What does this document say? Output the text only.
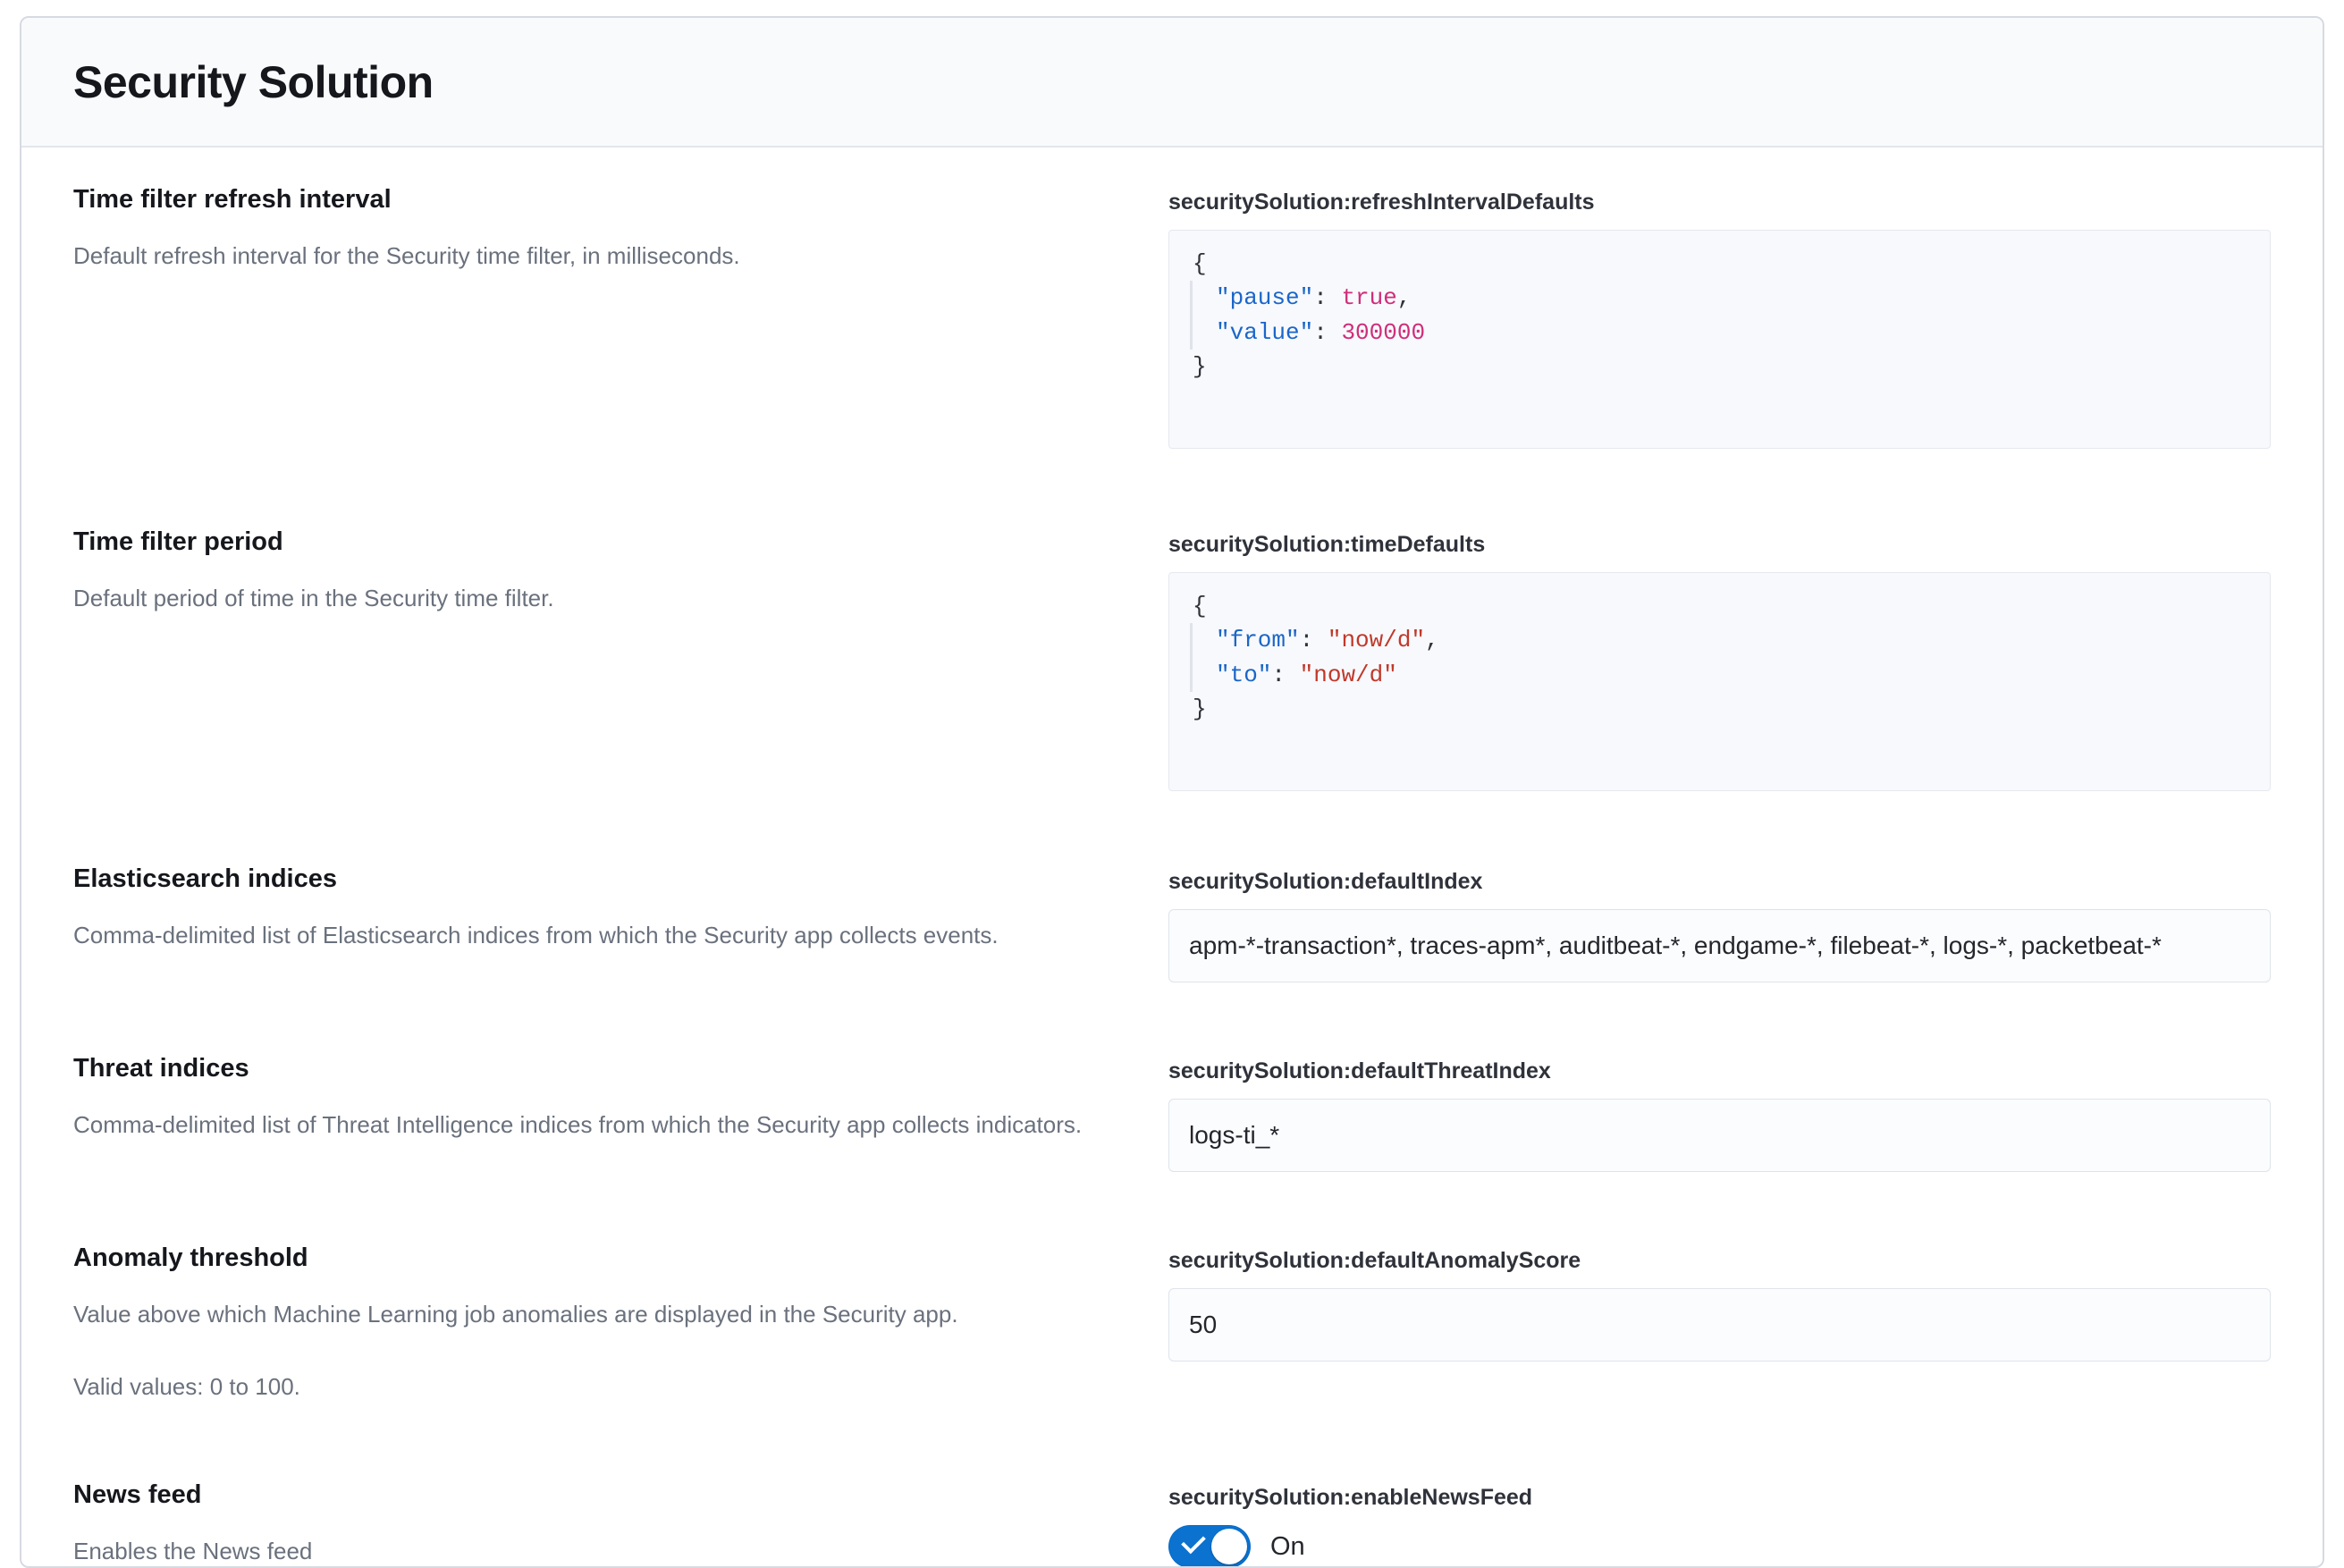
Security Solution
Time filter refresh interval

Default refresh interval for the Security time filter, in milliseconds.

securitySolution:refreshIntervalDefaults
{
"pause": true,
"value": 300000
}
Time filter period

Default period of time in the Security time filter.

securitySolution:timeDefaults
{
"from": "now/d",
"to": "now/d"
}
Elasticsearch indices

Comma-delimited list of Elasticsearch indices from which the Security app collects events.

securitySolution:defaultIndex
apm-*-transaction*, traces-apm*, auditbeat-*, endgame-*, filebeat-*, logs-*, packetbeat-*
Threat indices

Comma-delimited list of Threat Intelligence indices from which the Security app collects indicators.

securitySolution:defaultThreatIndex
logs-ti_*
Anomaly threshold

Value above which Machine Learning job anomalies are displayed in the Security app.

Valid values: 0 to 100.

securitySolution:defaultAnomalyScore
50
News feed

Enables the News feed

securitySolution:enableNewsFeed
On
